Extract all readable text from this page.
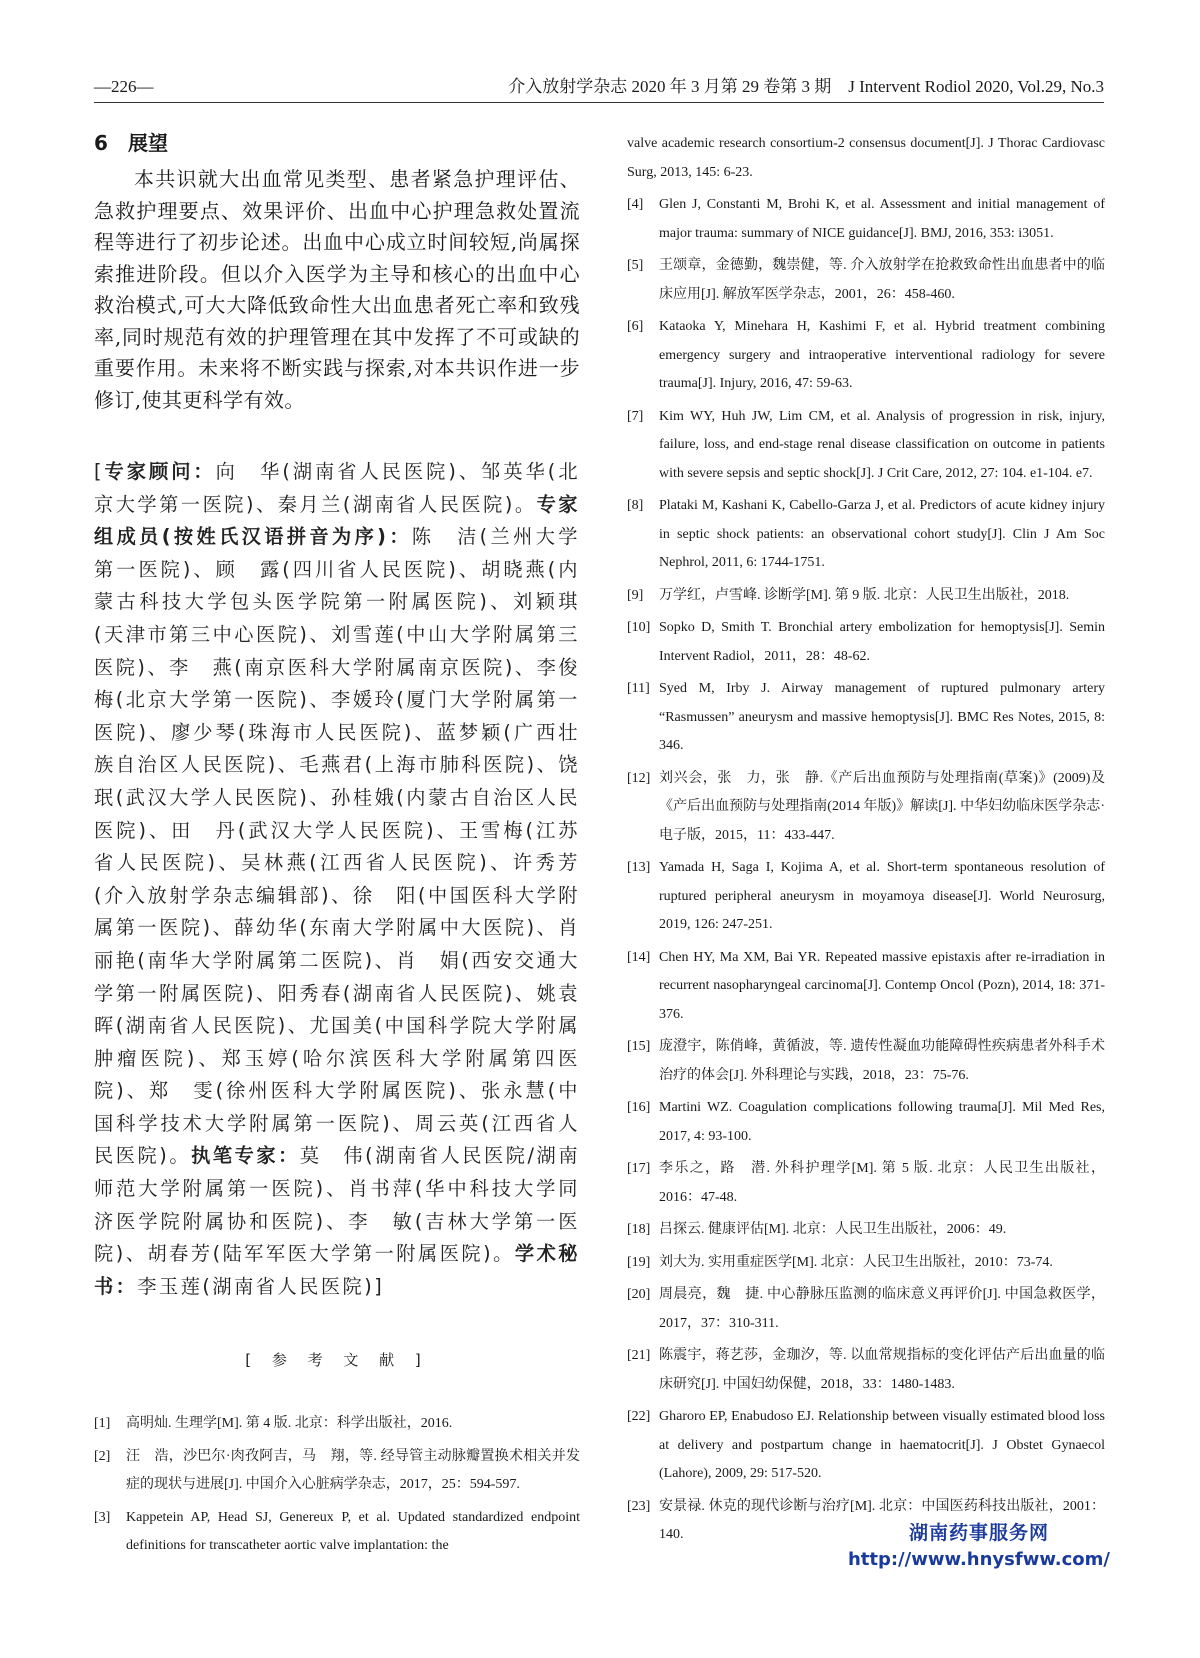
—226—	介入放射学杂志 2020 年 3 月第 29 卷第 3 期　J Intervent Rodiol 2020, Vol.29, No.3
6 展望

本共识就大出血常见类型、患者紧急护理评估、急救护理要点、效果评价、出血中心护理急救处置流程等进行了初步论述。出血中心成立时间较短,尚属探索推进阶段。但以介入医学为主导和核心的出血中心救治模式,可大大降低致命性大出血患者死亡率和致残率,同时规范有效的护理管理在其中发挥了不可或缺的重要作用。未来将不断实践与探索,对本共识作进一步修订,使其更科学有效。

[专家顾问：向　华(湖南省人民医院)、邹英华(北京大学第一医院)、秦月兰(湖南省人民医院)。专家组成员(按姓氏汉语拼音为序)：陈　洁(兰州大学第一医院)、顾　露(四川省人民医院)、胡晓燕(内蒙古科技大学包头医学院第一附属医院)、刘颖琪(天津市第三中心医院)、刘雪莲(中山大学附属第三医院)、李　燕(南京医科大学附属南京医院)、李俊梅(北京大学第一医院)、李媛玲(厦门大学附属第一医院)、廖少琴(珠海市人民医院)、蓝梦颖(广西壮族自治区人民医院)、毛燕君(上海市肺科医院)、饶　珉(武汉大学人民医院)、孙桂娥(内蒙古自治区人民医院)、田　丹(武汉大学人民医院)、王雪梅(江苏省人民医院)、吴林燕(江西省人民医院)、许秀芳(介入放射学杂志编辑部)、徐　阳(中国医科大学附属第一医院)、薛幼华(东南大学附属中大医院)、肖丽艳(南华大学附属第二医院)、肖　娟(西安交通大学第一附属医院)、阳秀春(湖南省人民医院)、姚袁晖(湖南省人民医院)、尤国美(中国科学院大学附属肿瘤医院)、郑玉婷(哈尔滨医科大学附属第四医院)、郑　雯(徐州医科大学附属医院)、张永慧(中国科学技术大学附属第一医院)、周云英(江西省人民医院)。执笔专家：莫　伟(湖南省人民医院/湖南师范大学附属第一医院)、肖书萍(华中科技大学同济医学院附属协和医院)、李　敏(吉林大学第一医院)、胡春芳(陆军军医大学第一附属医院)。学术秘书：李玉莲(湖南省人民医院)]

[ 参 考 文 献 ]
[1] 高明灿. 生理学[M]. 第 4 版. 北京：科学出版社，2016.
[2] 汪　浩，沙巴尔·肉孜阿吉，马　翔，等. 经导管主动脉瓣置换术相关并发症的现状与进展[J]. 中国介入心脏病学杂志，2017，25：594-597.
[3] Kappetein AP, Head SJ, Genereux P, et al. Updated standardized endpoint definitions for transcatheter aortic valve implantation: the
valve academic research consortium-2 consensus document[J]. J Thorac Cardiovasc Surg, 2013, 145: 6-23.
[4] Glen J, Constanti M, Brohi K, et al. Assessment and initial management of major trauma: summary of NICE guidance[J]. BMJ, 2016, 353: i3051.
[5] 王颂章，金德勤，魏崇健，等. 介入放射学在抢救致命性出血患者中的临床应用[J]. 解放军医学杂志，2001，26：458-460.
[6] Kataoka Y, Minehara H, Kashimi F, et al. Hybrid treatment combining emergency surgery and intraoperative interventional radiology for severe trauma[J]. Injury, 2016, 47: 59-63.
[7] Kim WY, Huh JW, Lim CM, et al. Analysis of progression in risk, injury, failure, loss, and end-stage renal disease classification on outcome in patients with severe sepsis and septic shock[J]. J Crit Care, 2012, 27: 104. e1-104. e7.
[8] Plataki M, Kashani K, Cabello-Garza J, et al. Predictors of acute kidney injury in septic shock patients: an observational cohort study[J]. Clin J Am Soc Nephrol, 2011, 6: 1744-1751.
[9] 万学红，卢雪峰. 诊断学[M]. 第 9 版. 北京：人民卫生出版社，2018.
[10] Sopko D, Smith T. Bronchial artery embolization for hemoptysis[J]. Semin Intervent Radiol，2011，28：48-62.
[11] Syed M, Irby J. Airway management of ruptured pulmonary artery “Rasmussen” aneurysm and massive hemoptysis[J]. BMC Res Notes, 2015, 8: 346.
[12] 刘兴会，张　力，张　静.《产后出血预防与处理指南(草案)》(2009)及《产后出血预防与处理指南(2014 年版)》解读[J]. 中华妇幼临床医学杂志·电子版，2015，11：433-447.
[13] Yamada H, Saga I, Kojima A, et al. Short-term spontaneous resolution of ruptured peripheral aneurysm in moyamoya disease[J]. World Neurosurg, 2019, 126: 247-251.
[14] Chen HY, Ma XM, Bai YR. Repeated massive epistaxis after re-irradiation in recurrent nasopharyngeal carcinoma[J]. Contemp Oncol (Pozn), 2014, 18: 371-376.
[15] 庞澄宇，陈俏峰，黄循波，等. 遗传性凝血功能障碍性疾病患者外科手术治疗的体会[J]. 外科理论与实践，2018，23：75-76.
[16] Martini WZ. Coagulation complications following trauma[J]. Mil Med Res, 2017, 4: 93-100.
[17] 李乐之，路　潜. 外科护理学[M]. 第 5 版. 北京：人民卫生出版社，2016：47-48.
[18] 吕探云. 健康评估[M]. 北京：人民卫生出版社，2006：49.
[19] 刘大为. 实用重症医学[M]. 北京：人民卫生出版社，2010：73-74.
[20] 周晨亮，魏　捷. 中心静脉压监测的临床意义再评价[J]. 中国急救医学，2017，37：310-311.
[21] 陈震宇，蒋艺莎，金珈汐，等. 以血常规指标的变化评估产后出血量的临床研究[J]. 中国妇幼保健，2018，33：1480-1483.
[22] Gharoro EP, Enabudoso EJ. Relationship between visually estimated blood loss at delivery and postpartum change in haematocrit[J]. J Obstet Gynaecol (Lahore), 2009, 29: 517-520.
[23] 安景禄. 休克的现代诊断与治疗[M]. 北京：中国医药科技出版社，2001：140.	湖南药事服务网
http://www.hnysfww.com/
